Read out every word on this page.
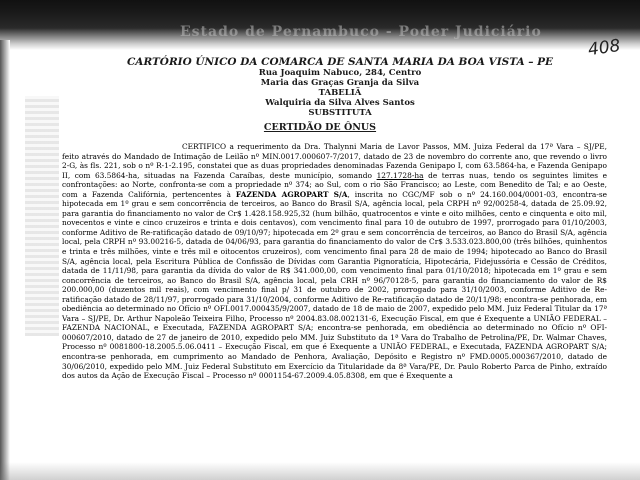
Estado de Pernambuco - Poder Judiciário
408
CARTÓRIO ÚNICO DA COMARCA DE SANTA MARIA DA BOA VISTA – PE
Rua Joaquim Nabuco, 284, Centro
Maria das Graças Granja da Silva
TABELIÃ
Walquiria da Silva Alves Santos
SUBSTITUTA
CERTIDÃO DE ÔNUS

CERTIFICO a requerimento da Dra. Thalynni Maria de Lavor Passos, MM. Juiza Federal da 17ª Vara – SJ/PE, feito através do Mandado de Intimação de Leilão nº MIN.0017.000607-7/2017, datado de 23 de novembro do corrente ano, que revendo o livro 2-G, às fls. 221, sob o nº R-1-2.195, constatei que as duas propriedades denominadas Fazenda Genipapo I, com 63.5864-ha, e Fazenda Genipapo II, com 63.5864-ha, situadas na Fazenda Caraíbas, deste município, somando 127.1728-ha de terras nuas, tendo os seguintes limites e confrontações: ao Norte, confronta-se com a propriedade nº 374; ao Sul, com o rio São Francisco; ao Leste, com Benedito de Tal; e ao Oeste, com a Fazenda Califórnia, pertencentes à FAZENDA AGROPART S/A, inscrita no CGC/MF sob o nº 24.160.004/0001-03, encontra-se hipotecada em 1º grau e sem concorrência de terceiros, ao Banco do Brasil S/A, agência local, pela CRPH nº 92/00258-4, datada de 25.09.92, para garantia do financiamento no valor de Cr$ 1.428.158.925,32 (hum bilhão, quatrocentos e vinte e oito milhões, cento e cinquenta e oito mil, novecentos e vinte e cinco cruzeiros e trinta e dois centavos), com vencimento final para 10 de outubro de 1997, prorrogado para 01/10/2003, conforme Aditivo de Re-ratificação datado de 09/10/97; hipotecada em 2º grau e sem concorrência de terceiros, ao Banco do Brasil S/A, agência local, pela CRPH nº 93.00216-5, datada de 04/06/93, para garantia do financiamento do valor de Cr$ 3.533.023.800,00 (três bilhões, quinhentos e trinta e três milhões, vinte e três mil e oitocentos cruzeiros), com vencimento final para 28 de maio de 1994; hipotecado ao Banco do Brasil S/A, agência local, pela Escritura Pública de Confissão de Dívidas com Garantia Pignoratícia, Hipotecária, Fidejussória e Cessão de Créditos, datada de 11/11/98, para garantia da dívida do valor de R$ 341.000,00, com vencimento final para 01/10/2018; hipotecada em 1º grau e sem concorrência de terceiros, ao Banco do Brasil S/A, agência local, pela CRH nº 96/70128-5, para garantia do financiamento do valor de R$ 200.000,00 (duzentos mil reais), com vencimento final p/ 31 de outubro de 2002, prorrogado para 31/10/2003, conforme Aditivo de Re-ratificação datado de 28/11/97, prorrogado para 31/10/2004, conforme Aditivo de Re-ratificação datado de 20/11/98; encontra-se penhorada, em obediência ao determinado no Ofício nº OFI.0017.000435/9/2007, datado de 18 de maio de 2007, expedido pelo MM. Juiz Federal Titular da 17ª Vara – SJ/PE, Dr. Arthur Napoleão Teixeira Filho, Processo nº 2004.83.08.002131-6, Execução Fiscal, em que é Exequente a UNIÃO FEDERAL – FAZENDA NACIONAL, e Executada, FAZENDA AGROPART S/A; encontra-se penhorada, em obediência ao determinado no Ofício nº OFI-000607/2010, datado de 27 de janeiro de 2010, expedido pelo MM. Juiz Substituto da 1ª Vara do Trabalho de Petrolina/PE, Dr. Walmar Chaves, Processo nº 0081800-18.2005.5.06.0411 – Execução Fiscal, em que é Exequente a UNIÃO FEDERAL, e Executada, FAZENDA AGROPART S/A; encontra-se penhorada, em cumprimento ao Mandado de Penhora, Avaliação, Depósito e Registro nº FMD.0005.000367/2010, datado de 30/06/2010, expedido pelo MM. Juiz Federal Substituto em Exercício da Titularidade da 8ª Vara/PE, Dr. Paulo Roberto Parca de Pinho, extraído dos autos da Ação de Execução Fiscal – Processo nº 0001154-67.2009.4.05.8308, em que é Exequente a
